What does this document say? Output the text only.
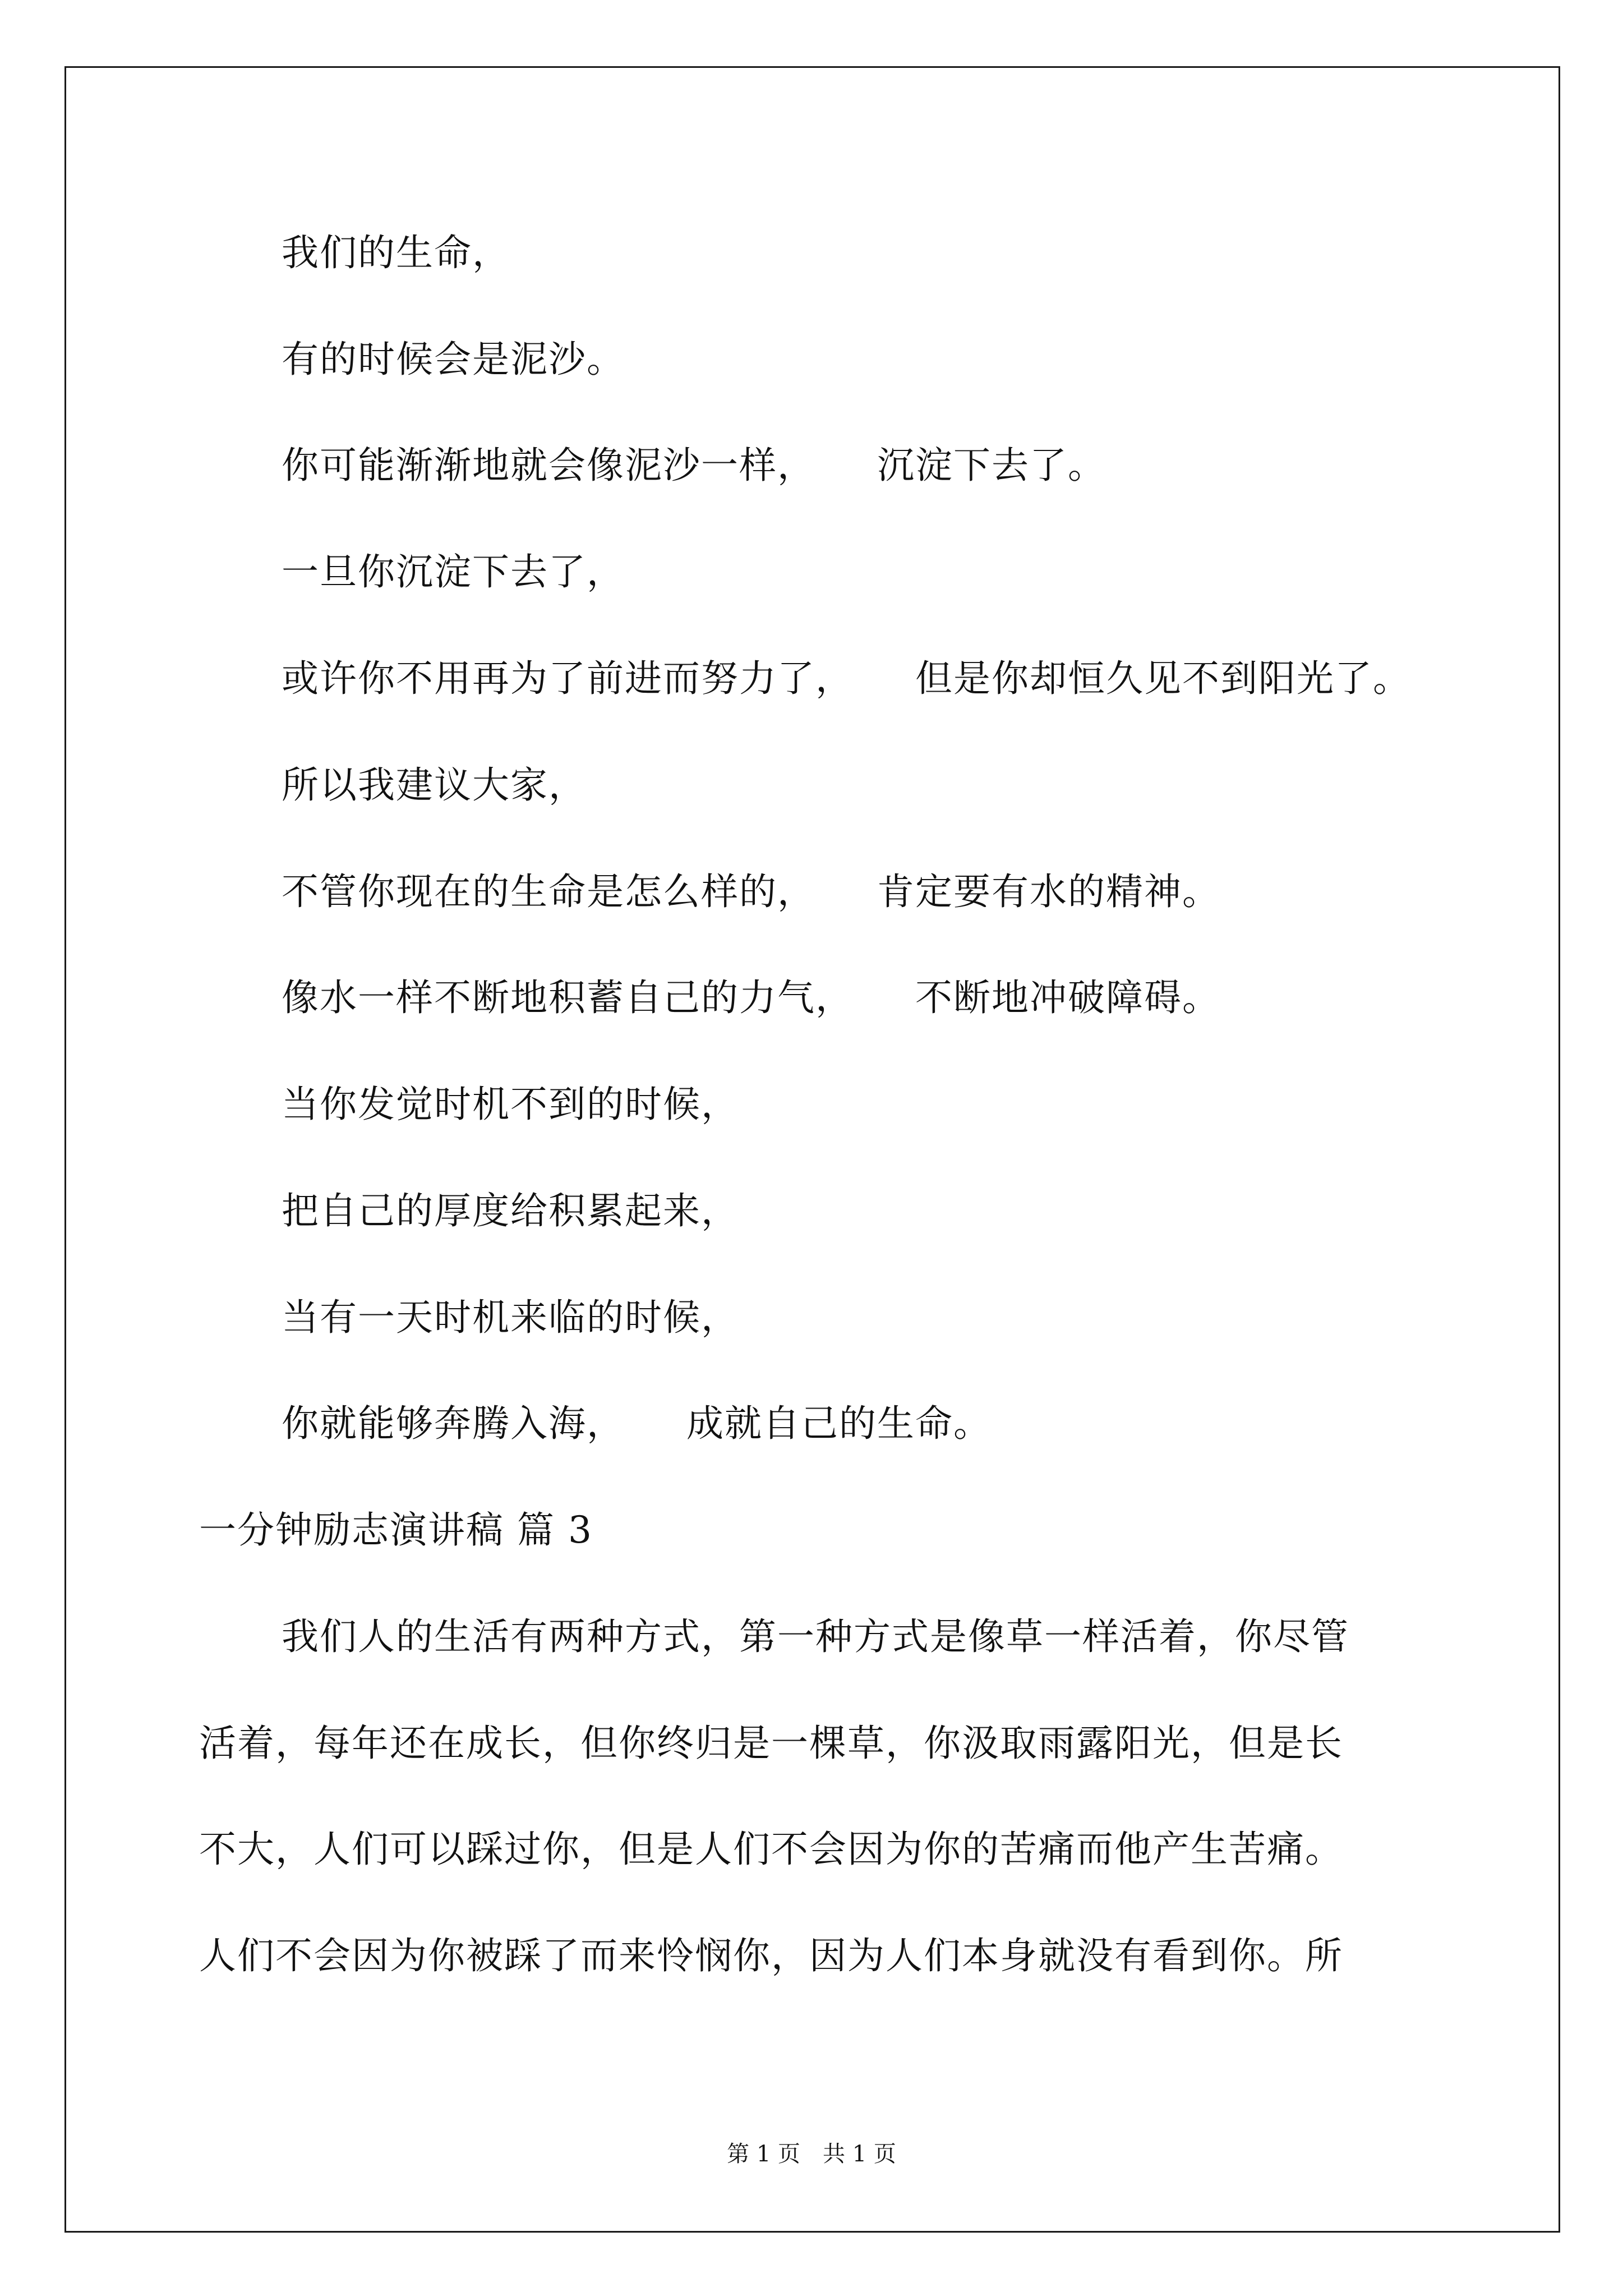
我们的生命，
有的时候会是泥沙。
你可能渐渐地就会像泥沙一样， 沉淀下去了。
一旦你沉淀下去了，
或许你不用再为了前进而努力了， 但是你却恒久见不到阳光了。
所以我建议大家，
不管你现在的生命是怎么样的， 肯定要有水的精神。
像水一样不断地积蓄自己的力气， 不断地冲破障碍。
当你发觉时机不到的时候，
把自己的厚度给积累起来，
当有一天时机来临的时候，
你就能够奔腾入海， 成就自己的生命。
一分钟励志演讲稿 篇 3
我们人的生活有两种方式，第一种方式是像草一样活着，你尽管
活着，每年还在成长，但你终归是一棵草，你汲取雨露阳光，但是长
不大，人们可以踩过你，但是人们不会因为你的苦痛而他产生苦痛。
人们不会因为你被踩了而来怜悯你，因为人们本身就没有看到你。所
第 1 页　共 1 页
